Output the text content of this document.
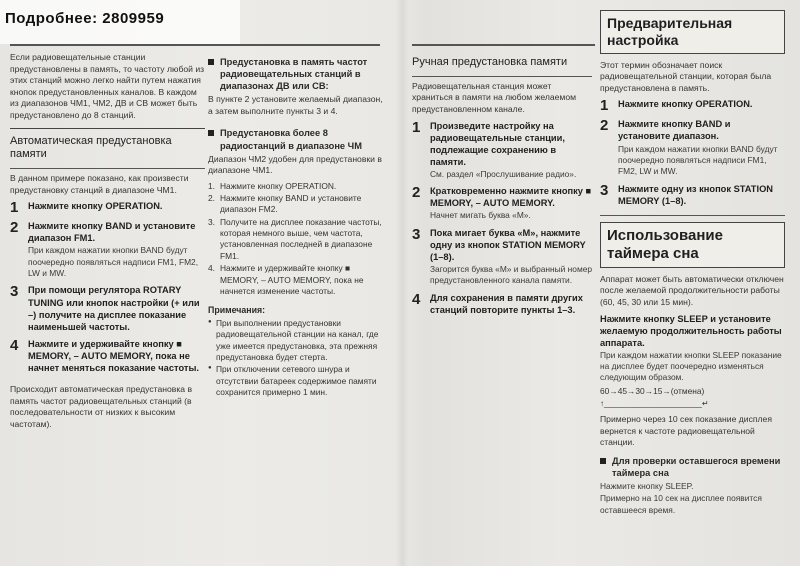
Если радиовещательные станции предустановлены в память, то частоту любой из этих станций можно легко найти путем нажатия кнопок предустановленных каналов. В каждом из диапазонов ЧМ1, ЧМ2, ДВ и СВ может быть предустановлено до 8 станций.

Автоматическая предустановка памяти

В данном примере показано, как произвести предустановку станций в диапазоне ЧМ1.

1	Нажмите кнопку OPERATION.
2	Нажмите кнопку BAND и установите диапазон FM1.
При каждом нажатии кнопки BAND будут поочередно появляться надписи FM1, FM2, LW и MW.
3	При помощи регулятора ROTARY TUNING или кнопок настройки (+ или –) получите на дисплее показание наименьшей частоты.
4	Нажмите и удерживайте кнопку ■ MEMORY, – AUTO MEMORY, пока не начнет меняться показание частоты.

Происходит автоматическая предустановка в память частот радиовещательных станций (в последовательности от низких к высоким частотам).

Предустановка в память частот радиовещательных станций в диапазонах ДВ или СВ:

В пункте 2 установите желаемый диапазон, а затем выполните пункты 3 и 4.

Предустановка более 8 радиостанций в диапазоне ЧМ

Диапазон ЧМ2 удобен для предустановки в диапазоне ЧМ1.

1. Нажмите кнопку OPERATION.
2. Нажмите кнопку BAND и установите диапазон FM2.
3. Получите на дисплее показание частоты, которая немного выше, чем частота, установленная последней в диапазоне FM1.
4. Нажмите и удерживайте кнопку ■ MEMORY, – AUTO MEMORY, пока не начнется изменение частоты.
Примечания:
● При выполнении предустановки радиовещательной станции на канал, где уже имеется предустановка, эта прежняя предустановка будет стерта.
● При отключении сетевого шнура и отсутствии батареек содержимое памяти сохранится примерно 1 мин.
Ручная предустановка памяти

Радиовещательная станция может храниться в памяти на любом желаемом предустановленном канале.

1	Произведите настройку на радиовещательные станции, подлежащие сохранению в памяти.
См. раздел «Прослушивание радио».
2	Кратковременно нажмите кнопку ■ MEMORY, – AUTO MEMORY.
Начнет мигать буква «М».
3	Пока мигает буква «М», нажмите одну из кнопок STATION MEMORY (1–8).
Загорится буква «М» и выбранный номер предустановленного канала памяти.
4	Для сохранения в памяти других станций повторите пункты 1–3.
Предварительная настройка

Этот термин обозначает поиск радиовещательной станции, которая была предустановлена в память.

1	Нажмите кнопку OPERATION.
2	Нажмите кнопку BAND и установите диапазон.
При каждом нажатии кнопки BAND будут поочередно появляться надписи FM1, FM2, LW и MW.
3	Нажмите одну из кнопок STATION MEMORY (1–8).
Использование таймера сна

Аппарат может быть автоматически отключен после желаемой продолжительности работы (60, 45, 30 или 15 мин).

Нажмите кнопку SLEEP и установите желаемую продолжительность работы аппарата.
При каждом нажатии кнопки SLEEP показание на дисплее будет поочередно изменяться следующим образом.
60→45→30→15→(отмена)
↑______________________↵

Примерно через 10 сек показание дисплея вернется к частоте радиовещательной станции.

Для проверки оставшегося времени таймера сна
Нажмите кнопку SLEEP.
Примерно на 10 сек на дисплее появится оставшееся время.
Подробнее: 2809959
